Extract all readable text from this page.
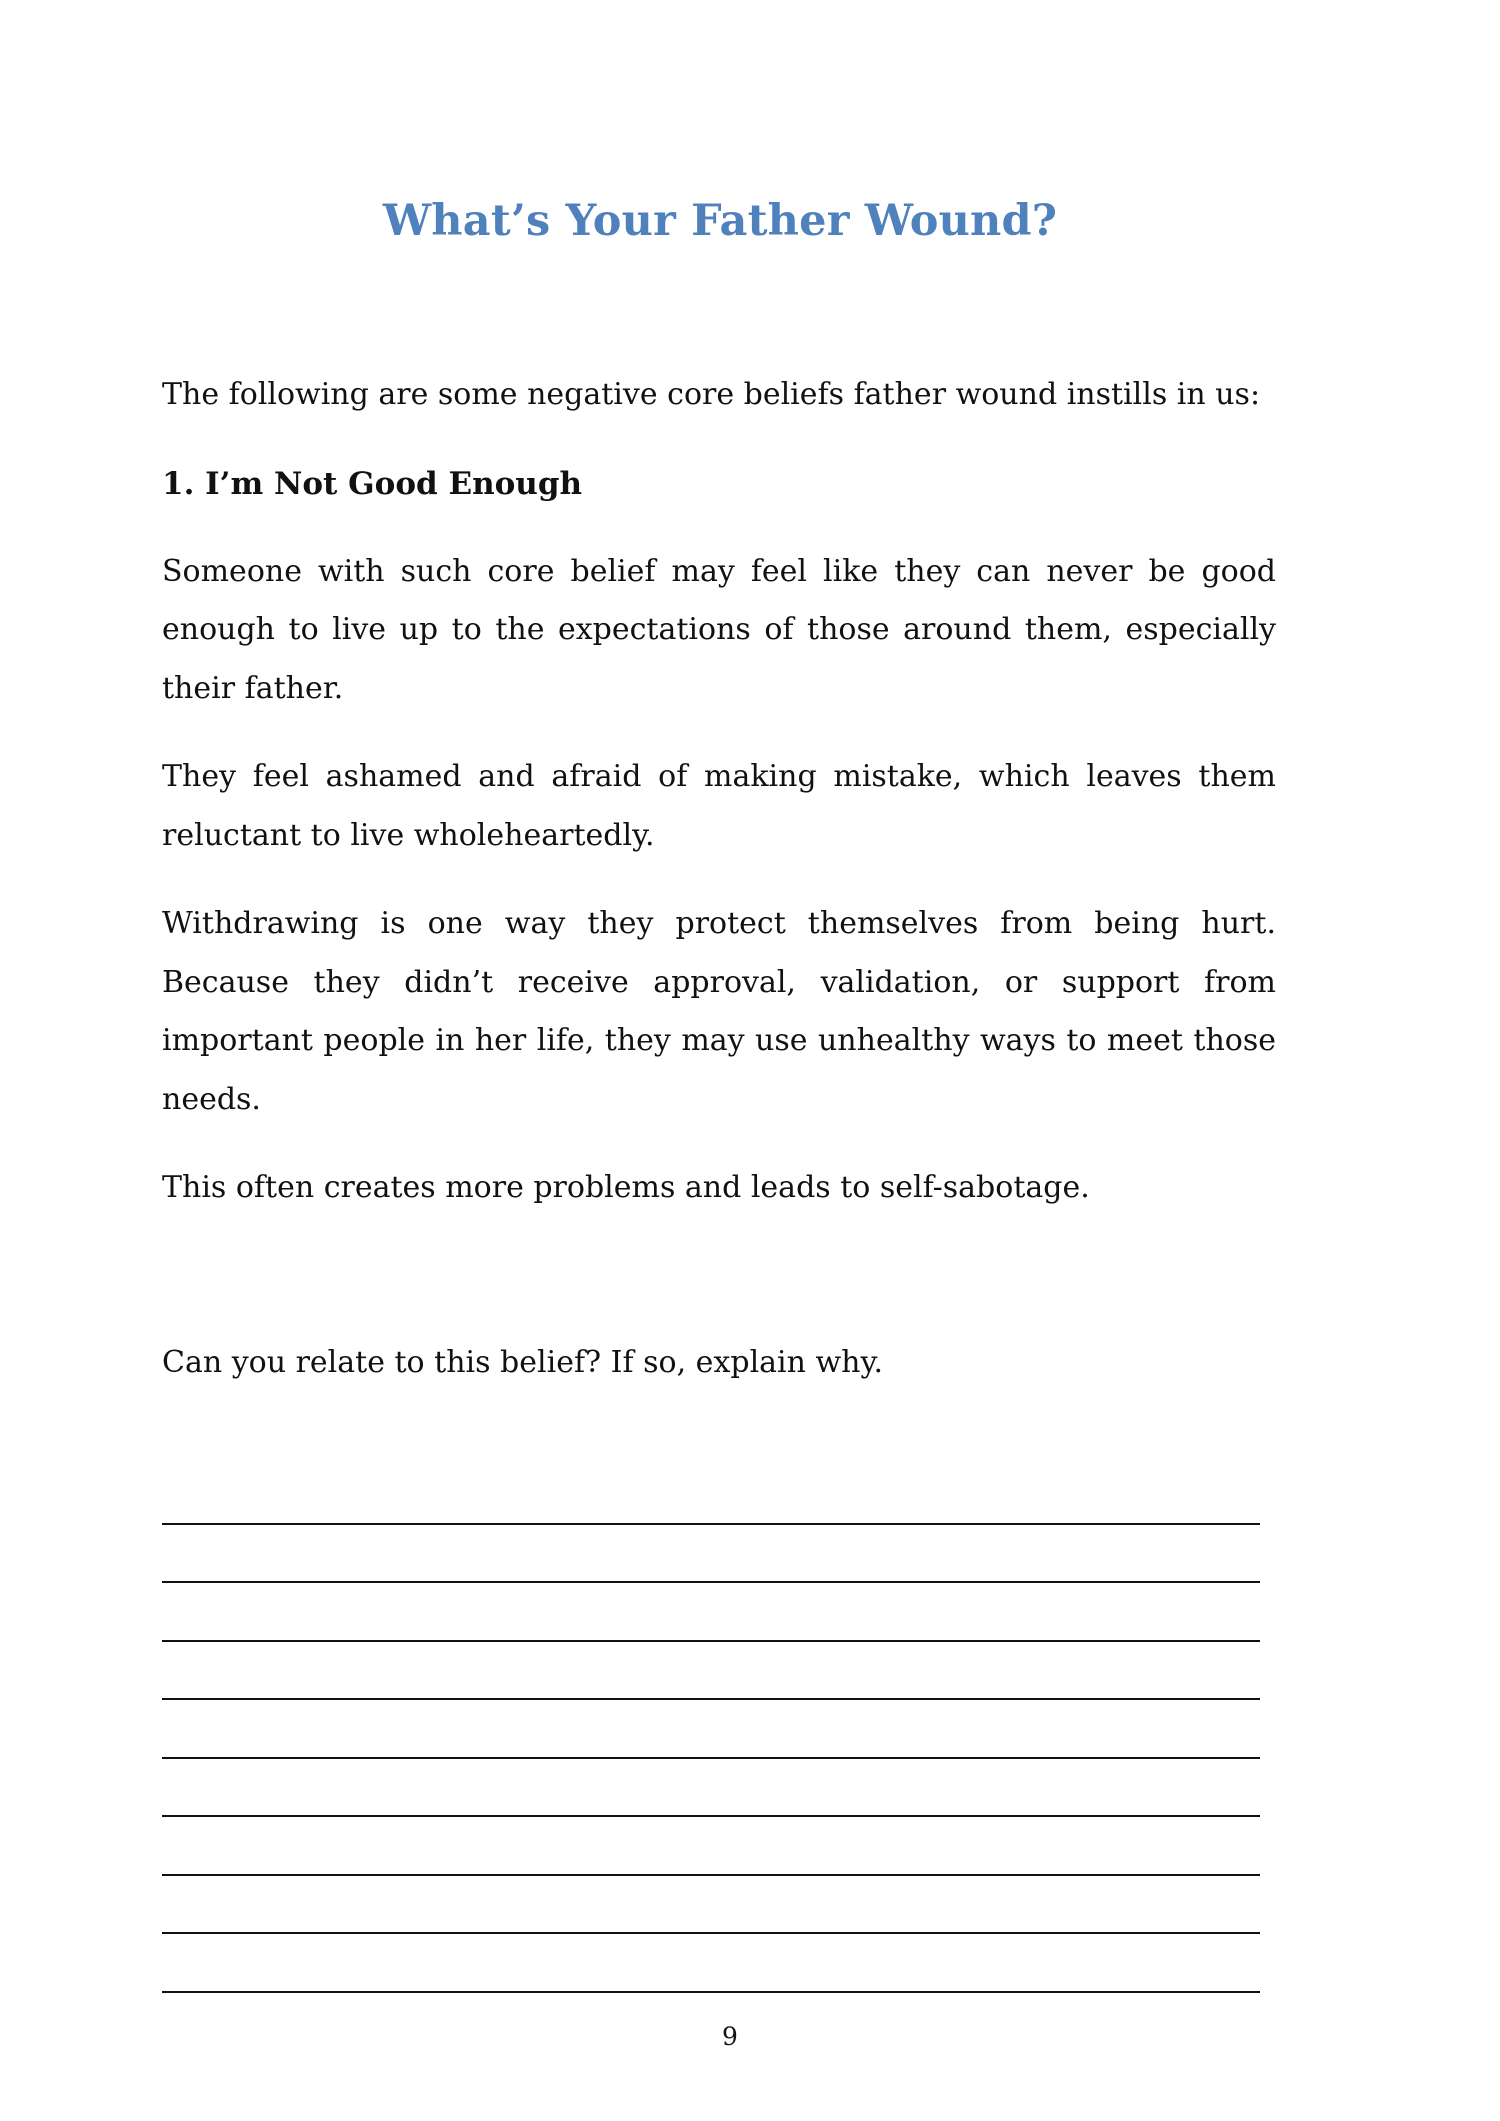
What’s Your Father Wound?

The following are some negative core beliefs father wound instills in us:

1. I’m Not Good Enough

Someone with such core belief may feel like they can never be good enough to live up to the expectations of those around them, especially their father.

They feel ashamed and afraid of making mistake, which leaves them reluctant to live wholeheartedly.

Withdrawing is one way they protect themselves from being hurt. Because they didn’t receive approval, validation, or support from important people in her life, they may use unhealthy ways to meet those needs.

This often creates more problems and leads to self-sabotage.

Can you relate to this belief? If so, explain why.

9
